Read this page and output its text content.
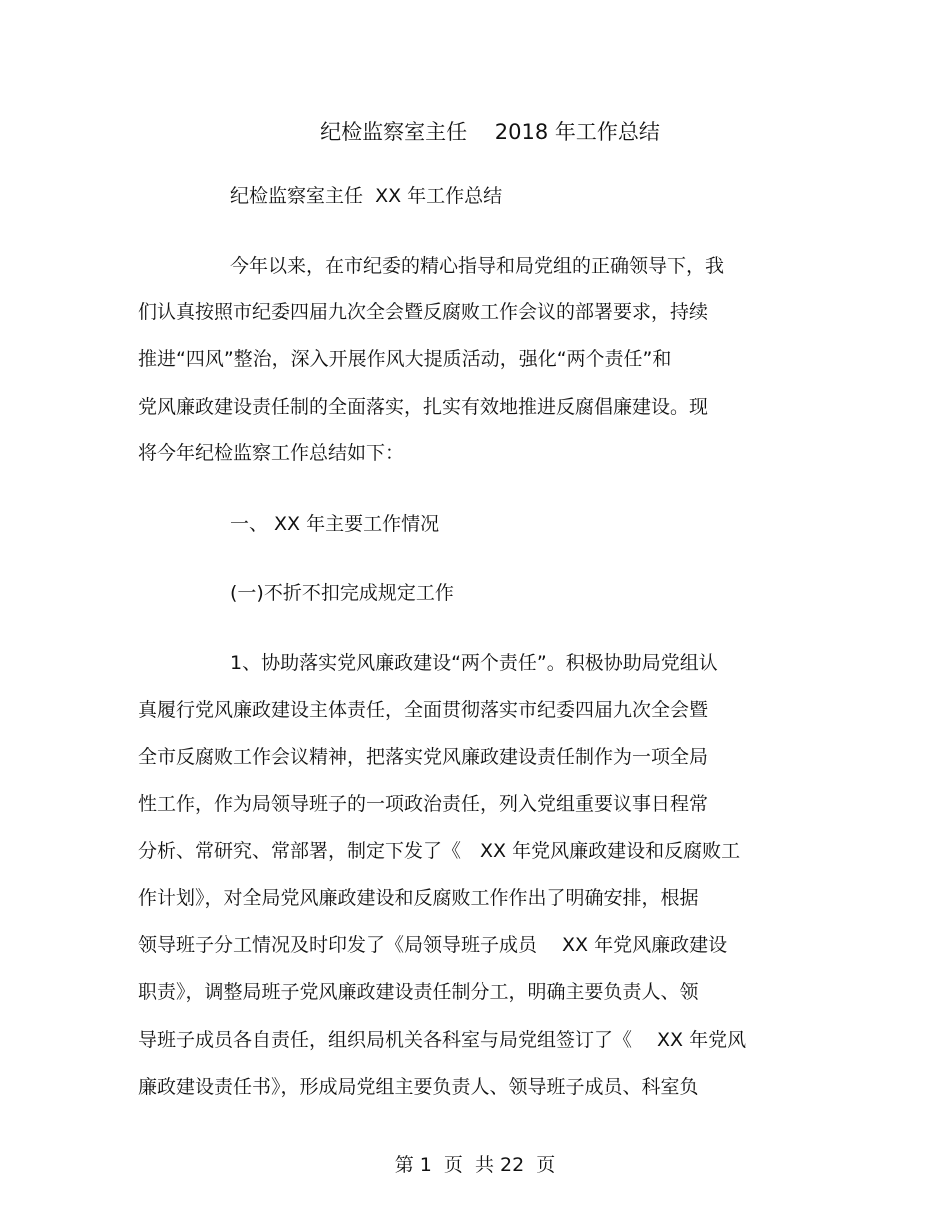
纪检监察室主任　 2018 年工作总结
纪检监察室主任  XX 年工作总结
今年以来，在市纪委的精心指导和局党组的正确领导下，我
们认真按照市纪委四届九次全会暨反腐败工作会议的部署要求，持续
推进“四风”整治，深入开展作风大提质活动，强化“两个责任”和
党风廉政建设责任制的全面落实，扎实有效地推进反腐倡廉建设。现
将今年纪检监察工作总结如下：
一、 XX 年主要工作情况
(一)不折不扣完成规定工作
1、协助落实党风廉政建设“两个责任”。积极协助局党组认
真履行党风廉政建设主体责任，全面贯彻落实市纪委四届九次全会暨
全市反腐败工作会议精神，把落实党风廉政建设责任制作为一项全局
性工作，作为局领导班子的一项政治责任，列入党组重要议事日程常
分析、常研究、常部署，制定下发了《　XX 年党风廉政建设和反腐败工
作计划》，对全局党风廉政建设和反腐败工作作出了明确安排，根据
领导班子分工情况及时印发了《局领导班子成员　 XX 年党风廉政建设
职责》，调整局班子党风廉政建设责任制分工，明确主要负责人、领
导班子成员各自责任，组织局机关各科室与局党组签订了《　 XX 年党风
廉政建设责任书》，形成局党组主要负责人、领导班子成员、科室负
第 1  页  共 22  页
